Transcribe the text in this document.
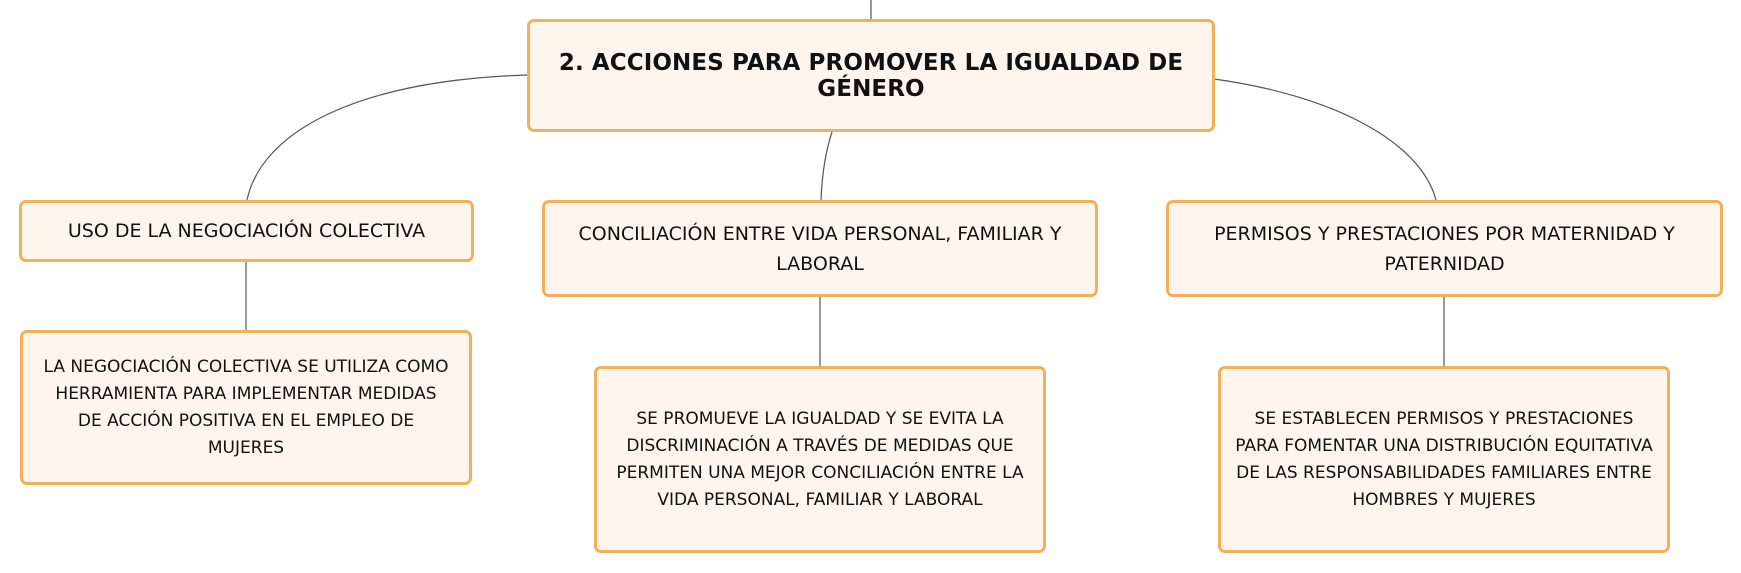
2. ACCIONES PARA PROMOVER LA IGUALDAD DE GÉNERO
USO DE LA NEGOCIACIÓN COLECTIVA	CONCILIACIÓN ENTRE VIDA PERSONAL, FAMILIAR Y LABORAL
PERMISOS Y PRESTACIONES POR MATERNIDAD Y PATERNIDAD
LA NEGOCIACIÓN COLECTIVA SE UTILIZA COMO HERRAMIENTA PARA IMPLEMENTAR MEDIDAS DE ACCIÓN POSITIVA EN EL EMPLEO DE MUJERES
SE PROMUEVE LA IGUALDAD Y SE EVITA LA DISCRIMINACIÓN A TRAVÉS DE MEDIDAS QUE PERMITEN UNA MEJOR CONCILIACIÓN ENTRE LA VIDA PERSONAL, FAMILIAR Y LABORAL
SE ESTABLECEN PERMISOS Y PRESTACIONES PARA FOMENTAR UNA DISTRIBUCIÓN EQUITATIVA DE LAS RESPONSABILIDADES FAMILIARES ENTRE HOMBRES Y MUJERES
